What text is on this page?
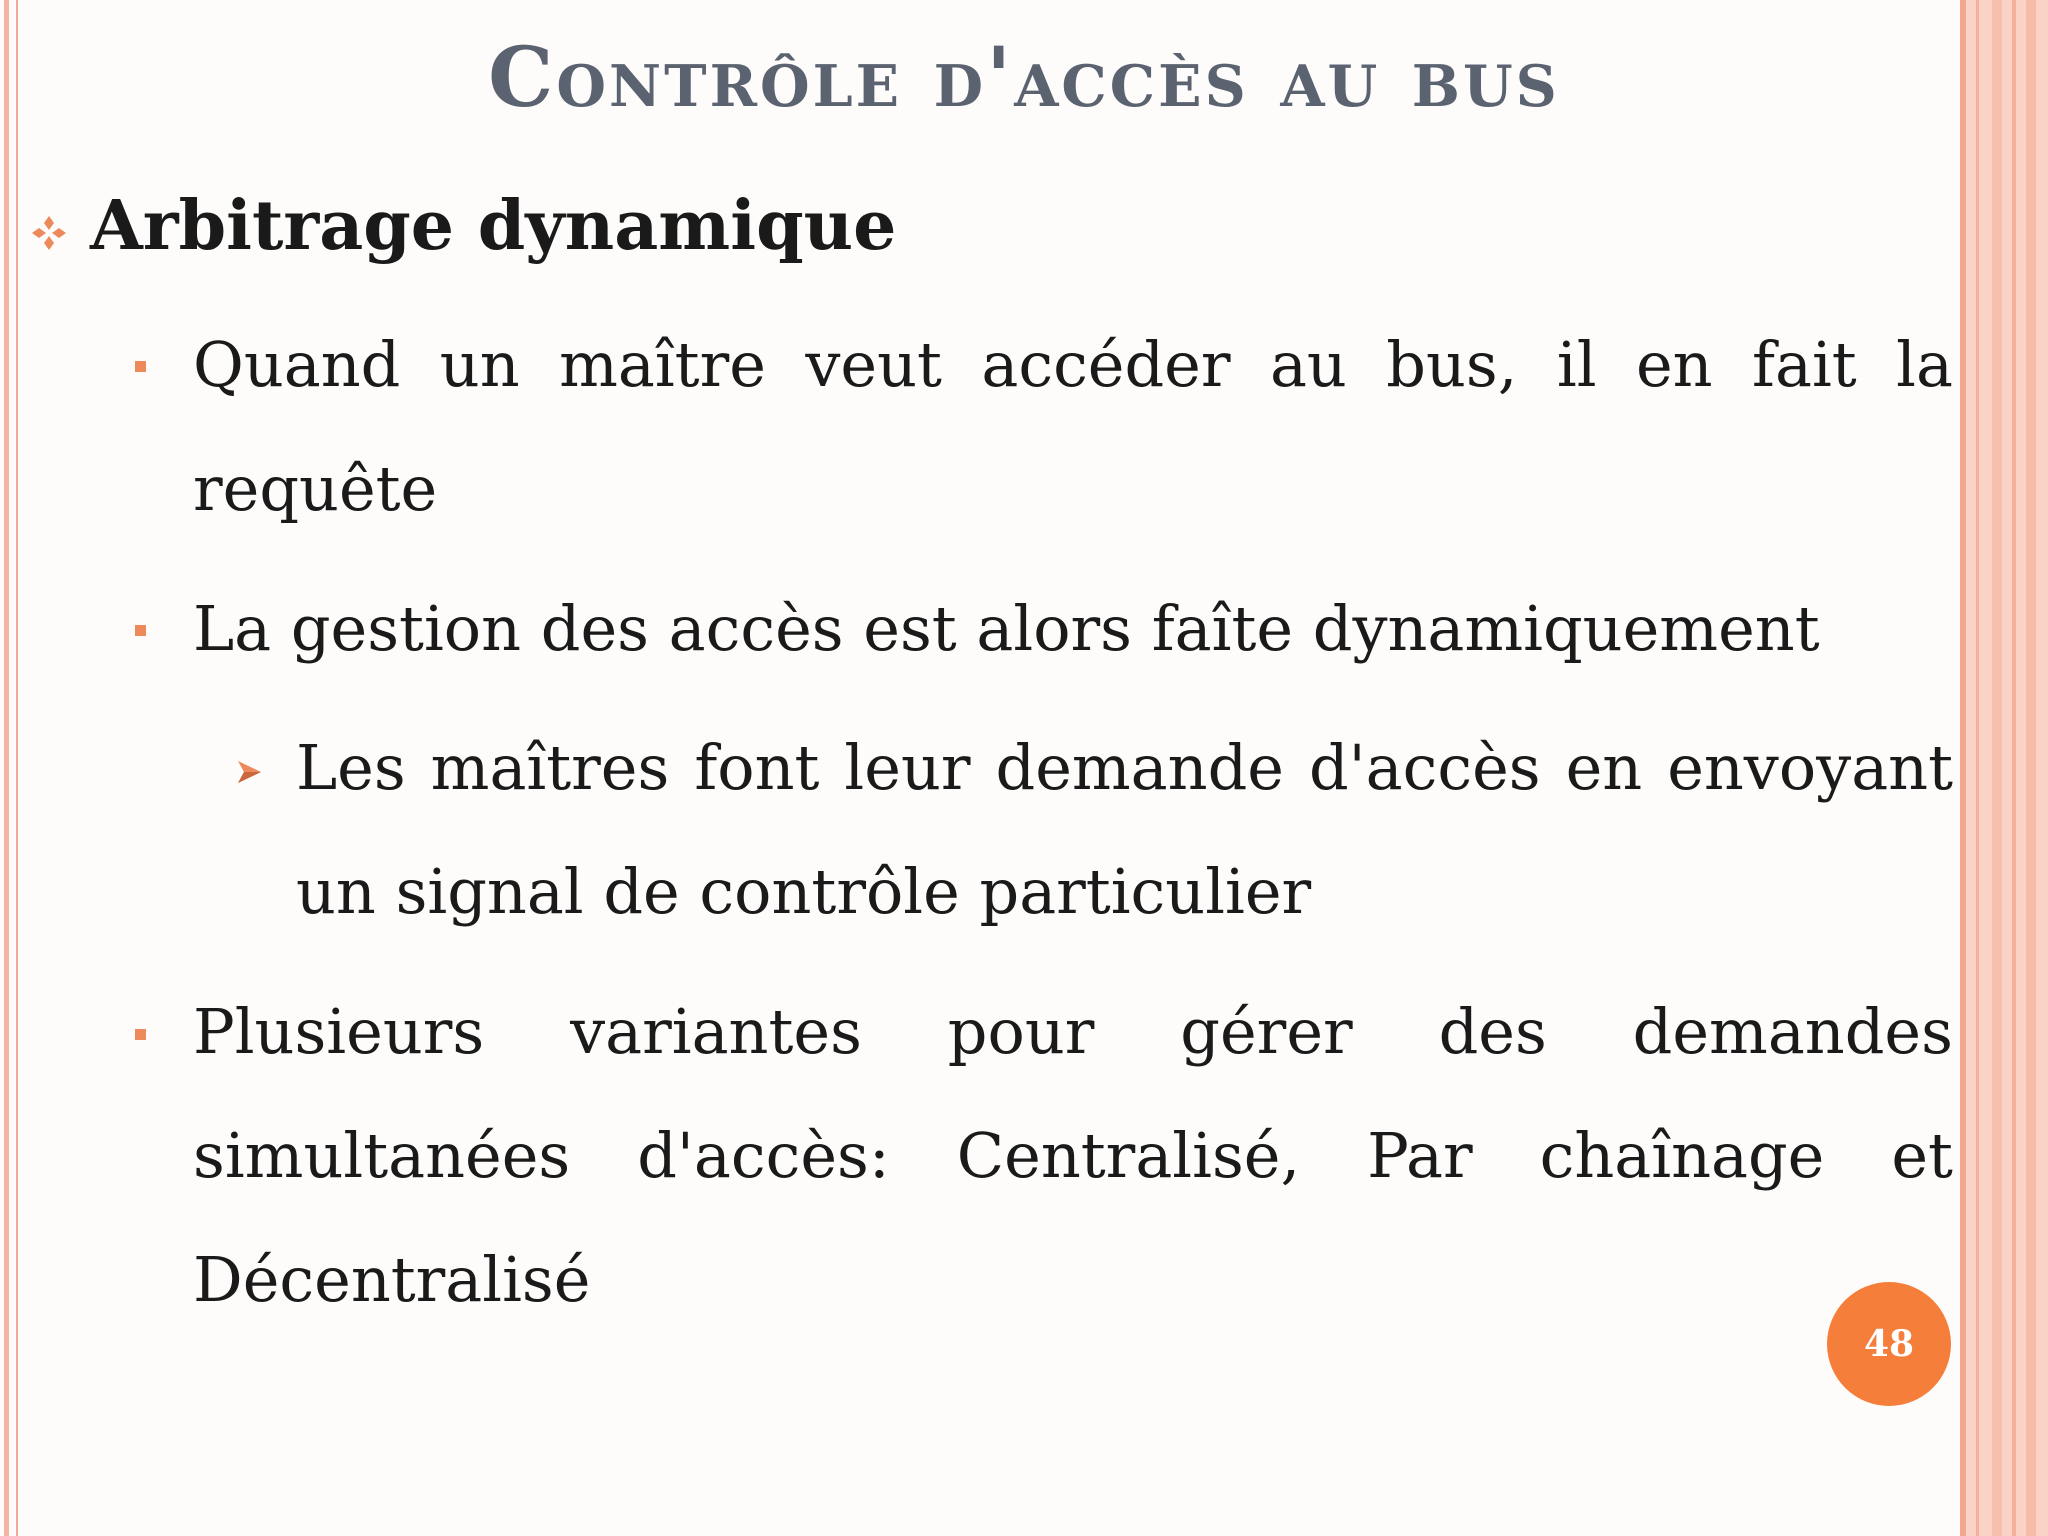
Contrôle d'accès au bus
Arbitrage dynamique
Quand un maître veut accéder au bus, il en fait la
requête
La gestion des accès est alors faîte dynamiquement
Les maîtres font leur demande d'accès en envoyant
un signal de contrôle particulier
Plusieurs variantes pour gérer des demandes
simultanées d'accès: Centralisé, Par chaînage et
Décentralisé
48
